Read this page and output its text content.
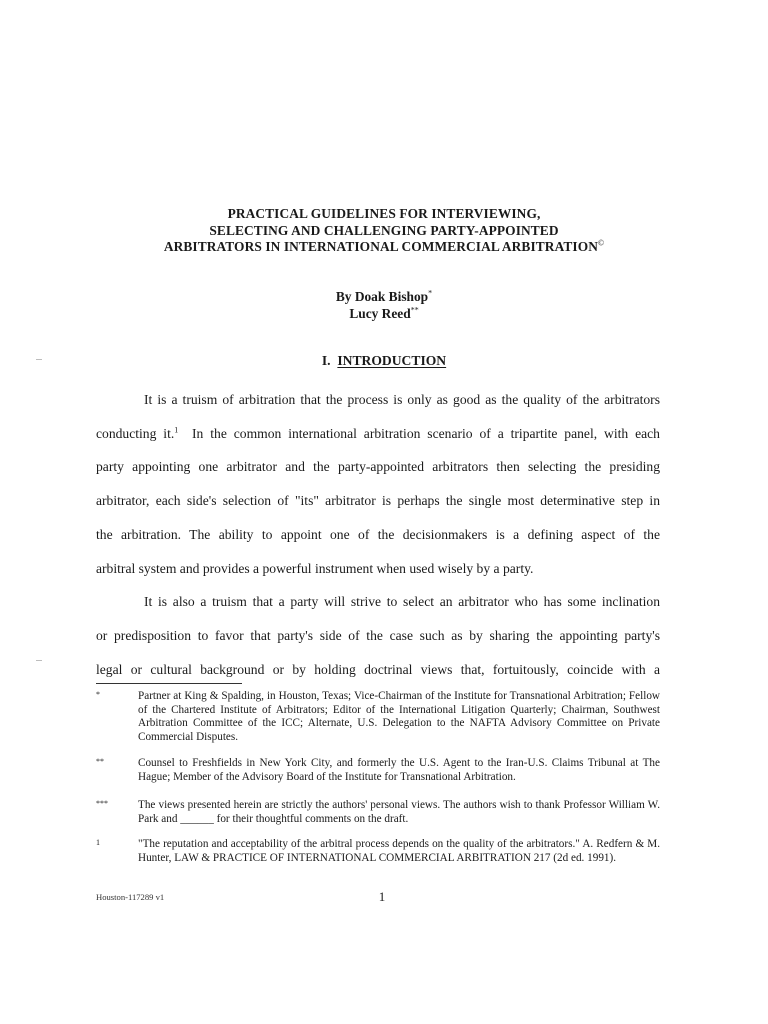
PRACTICAL GUIDELINES FOR INTERVIEWING,
SELECTING AND CHALLENGING PARTY-APPOINTED
ARBITRATORS IN INTERNATIONAL COMMERCIAL ARBITRATION©
By Doak Bishop*
Lucy Reed**
I. INTRODUCTION

It is a truism of arbitration that the process is only as good as the quality of the arbitrators
conducting it.$^1$ In the common international arbitration scenario of a tripartite panel, with each
party appointing one arbitrator and the party-appointed arbitrators then selecting the presiding
arbitrator, each side's selection of "its" arbitrator is perhaps the single most determinative step in
the arbitration. The ability to appoint one of the decisionmakers is a defining aspect of the
arbitral system and provides a powerful instrument when used wisely by a party.

It is also a truism that a party will strive to select an arbitrator who has some inclination
or predisposition to favor that party's side of the case such as by sharing the appointing party's
legal or cultural background or by holding doctrinal views that, fortuitously, coincide with a

*	Partner at King & Spalding, in Houston, Texas; Vice-Chairman of the Institute for Transnational Arbitration; Fellow of the Chartered Institute of Arbitrators; Editor of the International Litigation Quarterly; Chairman, Southwest Arbitration Committee of the ICC; Alternate, U.S. Delegation to the NAFTA Advisory Committee on Private Commercial Disputes.
**	Counsel to Freshfields in New York City, and formerly the U.S. Agent to the Iran-U.S. Claims Tribunal at The Hague; Member of the Advisory Board of the Institute for Transnational Arbitration.
***	The views presented herein are strictly the authors' personal views. The authors wish to thank Professor William W. Park and ______ for their thoughtful comments on the draft.
1	"The reputation and acceptability of the arbitral process depends on the quality of the arbitrators." A. Redfern & M. Hunter, LAW & PRACTICE OF INTERNATIONAL COMMERCIAL ARBITRATION 217 (2d ed. 1991).
Houston-117289 v1	1
